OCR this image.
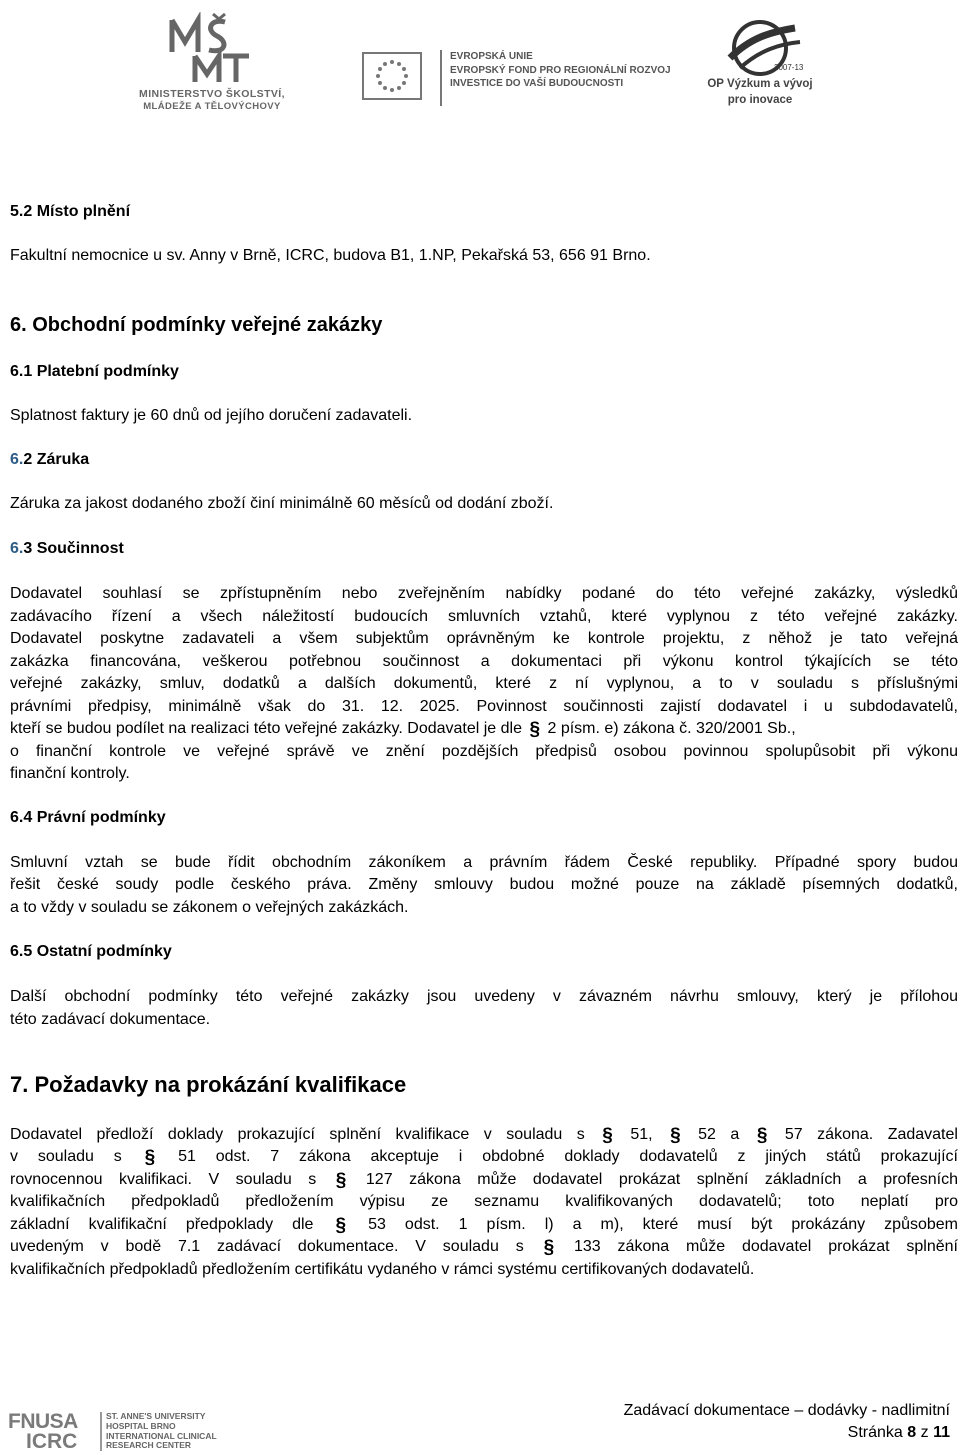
MINISTERSTVO ŠKOLSTVÍ,
MLÁDEŽE A TĚLOVÝCHOVY
EVROPSKÁ UNIE
EVROPSKÝ FOND PRO REGIONÁLNÍ ROZVOJ
INVESTICE DO VAŠÍ BUDOUCNOSTI
2007-13
OP Výzkum a vývoj
pro inovace
5.2 Místo plnění
Fakultní nemocnice u sv. Anny v Brně, ICRC, budova B1, 1.NP, Pekařská 53, 656 91 Brno.
6. Obchodní podmínky veřejné zakázky
6.1 Platební podmínky
Splatnost faktury je 60 dnů od jejího doručení zadavateli.
6.2 Záruka
Záruka za jakost dodaného zboží činí minimálně 60 měsíců od dodání zboží.
6.3 Součinnost
Dodavatel souhlasí se zpřístupněním nebo zveřejněním nabídky podané do této veřejné zakázky, výsledků
zadávacího řízení a všech náležitostí budoucích smluvních vztahů, které vyplynou z této veřejné zakázky.
Dodavatel poskytne zadavateli a všem subjektům oprávněným ke kontrole projektu, z něhož je tato veřejná
zakázka financována, veškerou potřebnou součinnost a dokumentaci při výkonu kontrol týkajících se této
veřejné zakázky, smluv, dodatků a dalších dokumentů, které z ní vyplynou, a to v souladu s příslušnými
právními předpisy, minimálně však do 31. 12. 2025. Povinnost součinnosti zajistí dodavatel i u subdodavatelů,
kteří se budou podílet na realizaci této veřejné zakázky. Dodavatel je dle § 2 písm. e) zákona č. 320/2001 Sb.,
o finanční kontrole ve veřejné správě ve znění pozdějších předpisů osobou povinnou spolupůsobit při výkonu
finanční kontroly.
6.4 Právní podmínky
Smluvní vztah se bude řídit obchodním zákoníkem a právním řádem České republiky. Případné spory budou
řešit české soudy podle českého práva. Změny smlouvy budou možné pouze na základě písemných dodatků,
a to vždy v souladu se zákonem o veřejných zakázkách.
6.5 Ostatní podmínky
Další obchodní podmínky této veřejné zakázky jsou uvedeny v závazném návrhu smlouvy, který je přílohou
této zadávací dokumentace.
7. Požadavky na prokázání kvalifikace
Dodavatel předloží doklady prokazující splnění kvalifikace v souladu s § 51, § 52 a § 57 zákona. Zadavatel
v souladu s § 51 odst. 7 zákona akceptuje i obdobné doklady dodavatelů z jiných států prokazující
rovnocennou kvalifikaci. V souladu s § 127 zákona může dodavatel prokázat splnění základních a profesních
kvalifikačních předpokladů předložením výpisu ze seznamu kvalifikovaných dodavatelů; toto neplatí pro
základní kvalifikační předpoklady dle § 53 odst. 1 písm. l) a m), které musí být prokázány způsobem
uvedeným v bodě 7.1 zadávací dokumentace. V souladu s § 133 zákona může dodavatel prokázat splnění
kvalifikačních předpokladů předložením certifikátu vydaného v rámci systému certifikovaných dodavatelů.
FNUSA
ICRC
ST. ANNE'S UNIVERSITY
HOSPITAL BRNO
INTERNATIONAL CLINICAL
RESEARCH CENTER
Zadávací dokumentace – dodávky - nadlimitní
Stránka 8 z 11
